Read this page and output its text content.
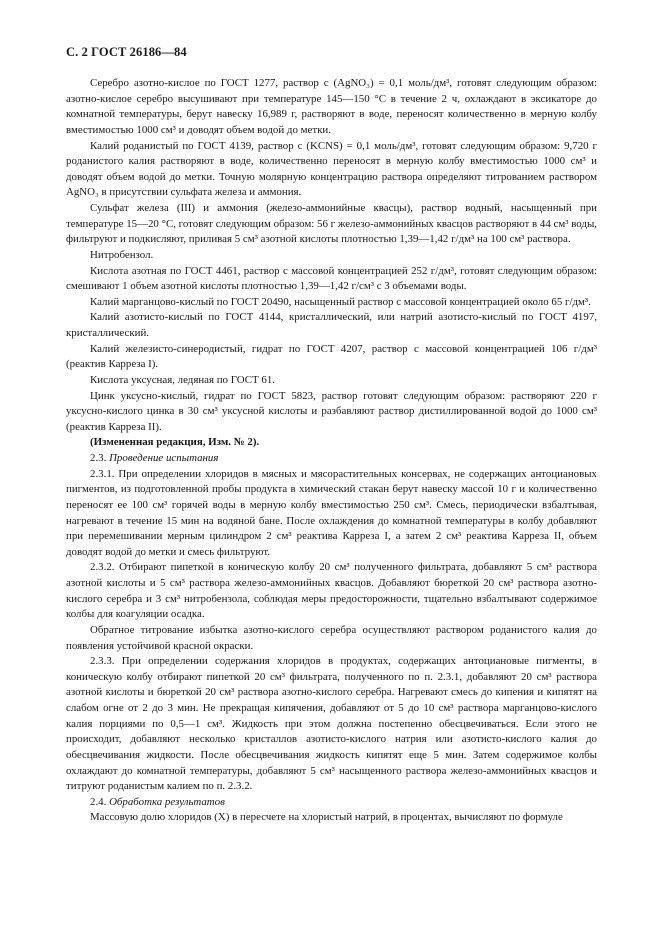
С. 2 ГОСТ 26186—84

Серебро азотно-кислое по ГОСТ 1277, раствор c (AgNO₃) = 0,1 моль/дм³, готовят следующим образом: азотно-кислое серебро высушивают при температуре 145—150 °С в течение 2 ч, охлаждают в эксикаторе до комнатной температуры, берут навеску 16,989 г, растворяют в воде, переносят количественно в мерную колбу вместимостью 1000 см³ и доводят объем водой до метки.

Калий роданистый по ГОСТ 4139, раствор c (KCNS) = 0,1 моль/дм³, готовят следующим образом: 9,720 г роданистого калия растворяют в воде, количественно переносят в мерную колбу вместимостью 1000 см³ и доводят объем водой до метки. Точную молярную концентрацию раствора определяют титрованием раствором AgNO₃ в присутствии сульфата железа и аммония.

Сульфат железа (III) и аммония (железо-аммонийные квасцы), раствор водный, насыщенный при температуре 15—20 °С, готовят следующим образом: 56 г железо-аммонийных квасцов растворяют в 44 см³ воды, фильтруют и подкисляют, приливая 5 см³ азотной кислоты плотностью 1,39—1,42 г/дм³ на 100 см³ раствора.

Нитробензол.

Кислота азотная по ГОСТ 4461, раствор с массовой концентрацией 252 г/дм³, готовят следующим образом: смешивают 1 объем азотной кислоты плотностью 1,39—1,42 г/см³ с 3 объемами воды.

Калий марганцово-кислый по ГОСТ 20490, насыщенный раствор с массовой концентрацией около 65 г/дм³.

Калий азотисто-кислый по ГОСТ 4144, кристаллический, или натрий азотисто-кислый по ГОСТ 4197, кристаллический.

Калий железисто-синеродистый, гидрат по ГОСТ 4207, раствор с массовой концентрацией 106 г/дм³ (реактив Карреза I).

Кислота уксусная, ледяная по ГОСТ 61.

Цинк уксусно-кислый, гидрат по ГОСТ 5823, раствор готовят следующим образом: растворяют 220 г уксусно-кислого цинка в 30 см³ уксусной кислоты и разбавляют раствор дистиллированной водой до 1000 см³ (реактив Карреза II).

(Измененная редакция, Изм. № 2).

2.3. Проведение испытания

2.3.1. При определении хлоридов в мясных и мясорастительных консервах, не содержащих антоциановых пигментов, из подготовленной пробы продукта в химический стакан берут навеску массой 10 г и количественно переносят ее 100 см³ горячей воды в мерную колбу вместимостью 250 см³. Смесь, периодически взбалтывая, нагревают в течение 15 мин на водяной бане. После охлаждения до комнатной температуры в колбу добавляют при перемешивании мерным цилиндром 2 см³ реактива Карреза I, а затем 2 см³ реактива Карреза II, объем доводят водой до метки и смесь фильтруют.

2.3.2. Отбирают пипеткой в коническую колбу 20 см³ полученного фильтрата, добавляют 5 см³ раствора азотной кислоты и 5 см³ раствора железо-аммонийных квасцов. Добавляют бюреткой 20 см³ раствора азотно-кислого серебра и 3 см³ нитробензола, соблюдая меры предосторожности, тщательно взбалтывают содержимое колбы для коагуляции осадка.

Обратное титрование избытка азотно-кислого серебра осуществляют раствором роданистого калия до появления устойчивой красной окраски.

2.3.3. При определении содержания хлоридов в продуктах, содержащих антоциановые пигменты, в коническую колбу отбирают пипеткой 20 см³ фильтрата, полученного по п. 2.3.1, добавляют 20 см³ раствора азотной кислоты и бюреткой 20 см³ раствора азотно-кислого серебра. Нагревают смесь до кипения и кипятят на слабом огне от 2 до 3 мин. Не прекращая кипячения, добавляют от 5 до 10 см³ раствора марганцово-кислого калия порциями по 0,5—1 см³. Жидкость при этом должна постепенно обесцвечиваться. Если этого не происходит, добавляют несколько кристаллов азотисто-кислого натрия или азотисто-кислого калия до обесцвечивания жидкости. После обесцвечивания жидкость кипятят еще 5 мин. Затем содержимое колбы охлаждают до комнатной температуры, добавляют 5 см³ насыщенного раствора железо-аммонийных квасцов и титруют роданистым калием по п. 2.3.2.

2.4. Обработка результатов

Массовую долю хлоридов (X) в пересчете на хлористый натрий, в процентах, вычисляют по формуле
